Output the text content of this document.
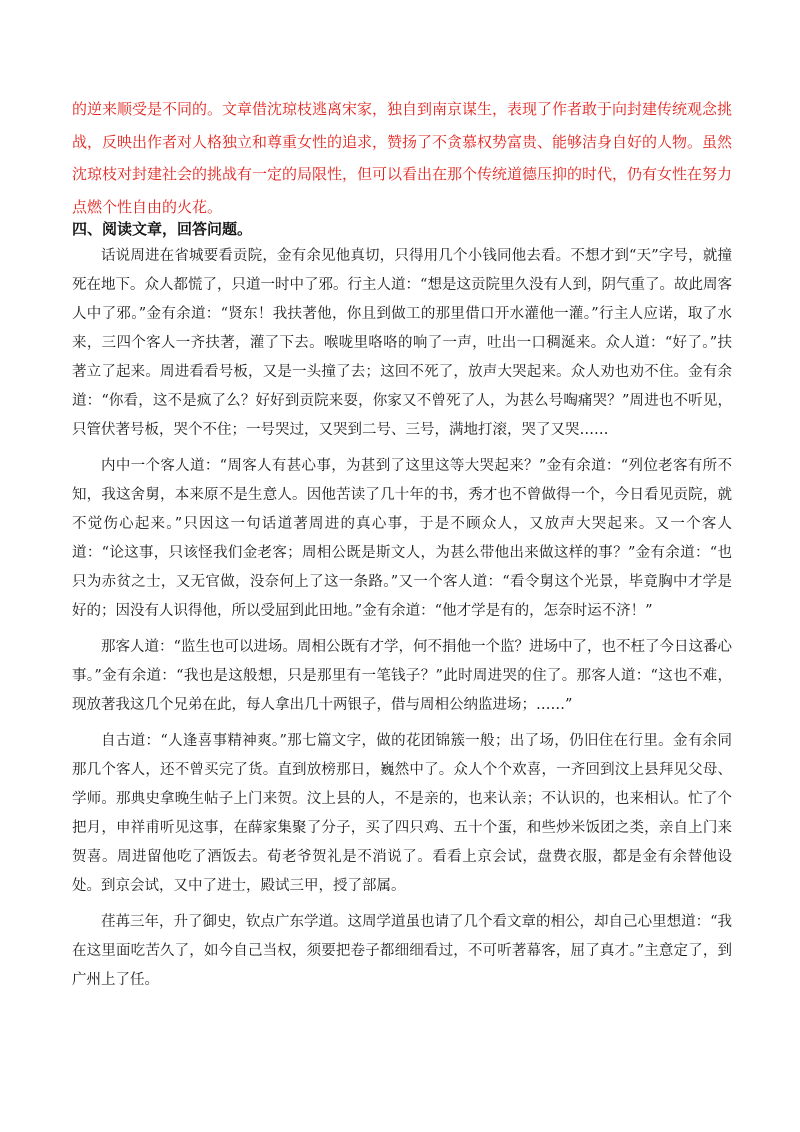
的逆来顺受是不同的。文章借沈琼枝逃离宋家，独自到南京谋生，表现了作者敢于向封建传统观念挑战，反映出作者对人格独立和尊重女性的追求，赞扬了不贪慕权势富贵、能够洁身自好的人物。虽然沈琼枝对封建社会的挑战有一定的局限性，但可以看出在那个传统道德压抑的时代，仍有女性在努力点燃个性自由的火花。

四、阅读文章，回答问题。

话说周进在省城要看贡院，金有余见他真切，只得用几个小钱同他去看。不想才到“天”字号，就撞死在地下。众人都慌了，只道一时中了邪。行主人道：“想是这贡院里久没有人到，阴气重了。故此周客人中了邪。”金有余道：“贤东！我扶著他，你且到做工的那里借口开水灌他一灌。”行主人应诺，取了水来，三四个客人一齐扶著，灌了下去。喉咙里咯咯的响了一声，吐出一口稠涎来。众人道：“好了。”扶著立了起来。周进看看号板，又是一头撞了去；这回不死了，放声大哭起来。众人劝也劝不住。金有余道：“你看，这不是疯了么？好好到贡院来耍，你家又不曾死了人，为甚么号啕痛哭？”周进也不听见，只管伏著号板，哭个不住；一号哭过，又哭到二号、三号，满地打滚，哭了又哭……

内中一个客人道：“周客人有甚心事，为甚到了这里这等大哭起来？”金有余道：“列位老客有所不知，我这舍舅，本来原不是生意人。因他苦读了几十年的书，秀才也不曾做得一个，今日看见贡院，就不觉伤心起来。”只因这一句话道著周进的真心事，于是不顾众人，又放声大哭起来。又一个客人道：“论这事，只该怪我们金老客；周相公既是斯文人，为甚么带他出来做这样的事？”金有余道：“也只为赤贫之士，又无官做，没奈何上了这一条路。”又一个客人道：“看令舅这个光景，毕竟胸中才学是好的；因没有人识得他，所以受屈到此田地。”金有余道：“他才学是有的，怎奈时运不济！”

那客人道：“监生也可以进场。周相公既有才学，何不捐他一个监？进场中了，也不枉了今日这番心事。”金有余道：“我也是这般想，只是那里有一笔钱子？”此时周进哭的住了。那客人道：“这也不难，现放著我这几个兄弟在此，每人拿出几十两银子，借与周相公纳监进场；……”

自古道：“人逢喜事精神爽。”那七篇文字，做的花团锦簇一般；出了场，仍旧住在行里。金有余同那几个客人，还不曾买完了货。直到放榜那日，巍然中了。众人个个欢喜，一齐回到汶上县拜见父母、学师。那典史拿晚生帖子上门来贺。汶上县的人，不是亲的，也来认亲；不认识的，也来相认。忙了个把月，申祥甫听见这事，在薛家集聚了分子，买了四只鸡、五十个蛋，和些炒米饭团之类，亲自上门来贺喜。周进留他吃了酒饭去。荀老爷贺礼是不消说了。看看上京会试，盘费衣服，都是金有余替他设处。到京会试，又中了进士，殿试三甲，授了部属。

荏苒三年，升了御史，钦点广东学道。这周学道虽也请了几个看文章的相公，却自己心里想道：“我在这里面吃苦久了，如今自己当权，须要把卷子都细细看过，不可听著幕客，屈了真才。”主意定了，到广州上了任。
